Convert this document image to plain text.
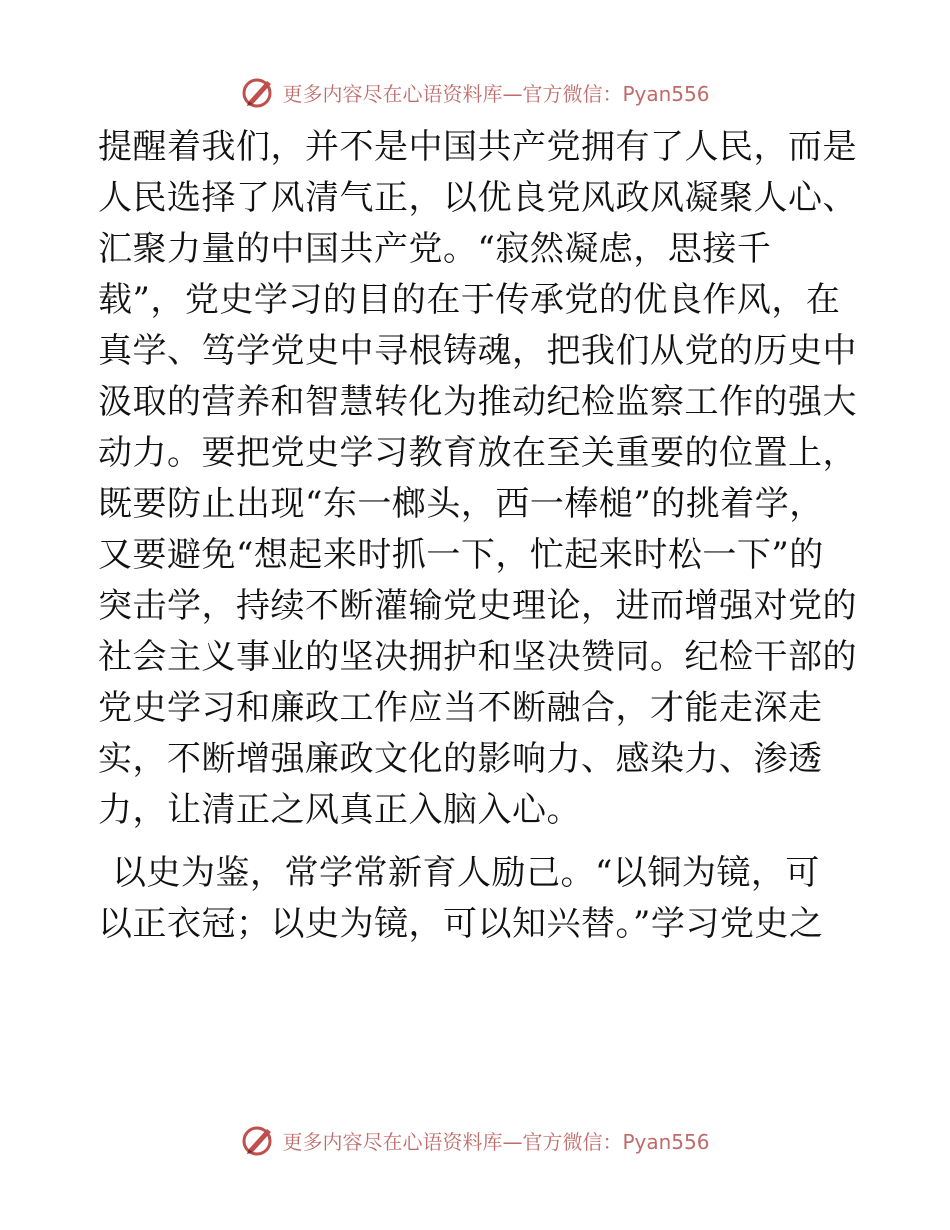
更多内容尽在心语资料库—官方微信：Pyan556
提醒着我们，并不是中国共产党拥有了人民，而是
人民选择了风清气正，以优良党风政风凝聚人心、
汇聚力量的中国共产党。“寂然凝虑，思接千
载”，党史学习的目的在于传承党的优良作风，在
真学、笃学党史中寻根铸魂，把我们从党的历史中
汲取的营养和智慧转化为推动纪检监察工作的强大
动力。要把党史学习教育放在至关重要的位置上，
既要防止出现“东一榔头，西一棒槌”的挑着学，
又要避免“想起来时抓一下，忙起来时松一下”的
突击学，持续不断灌输党史理论，进而增强对党的
社会主义事业的坚决拥护和坚决赞同。纪检干部的
党史学习和廉政工作应当不断融合，才能走深走
实，不断增强廉政文化的影响力、感染力、渗透
力，让清正之风真正入脑入心。
以史为鉴，常学常新育人励己。“以铜为镜，可
以正衣冠；以史为镜，可以知兴替。”学习党史之
更多内容尽在心语资料库—官方微信：Pyan556
